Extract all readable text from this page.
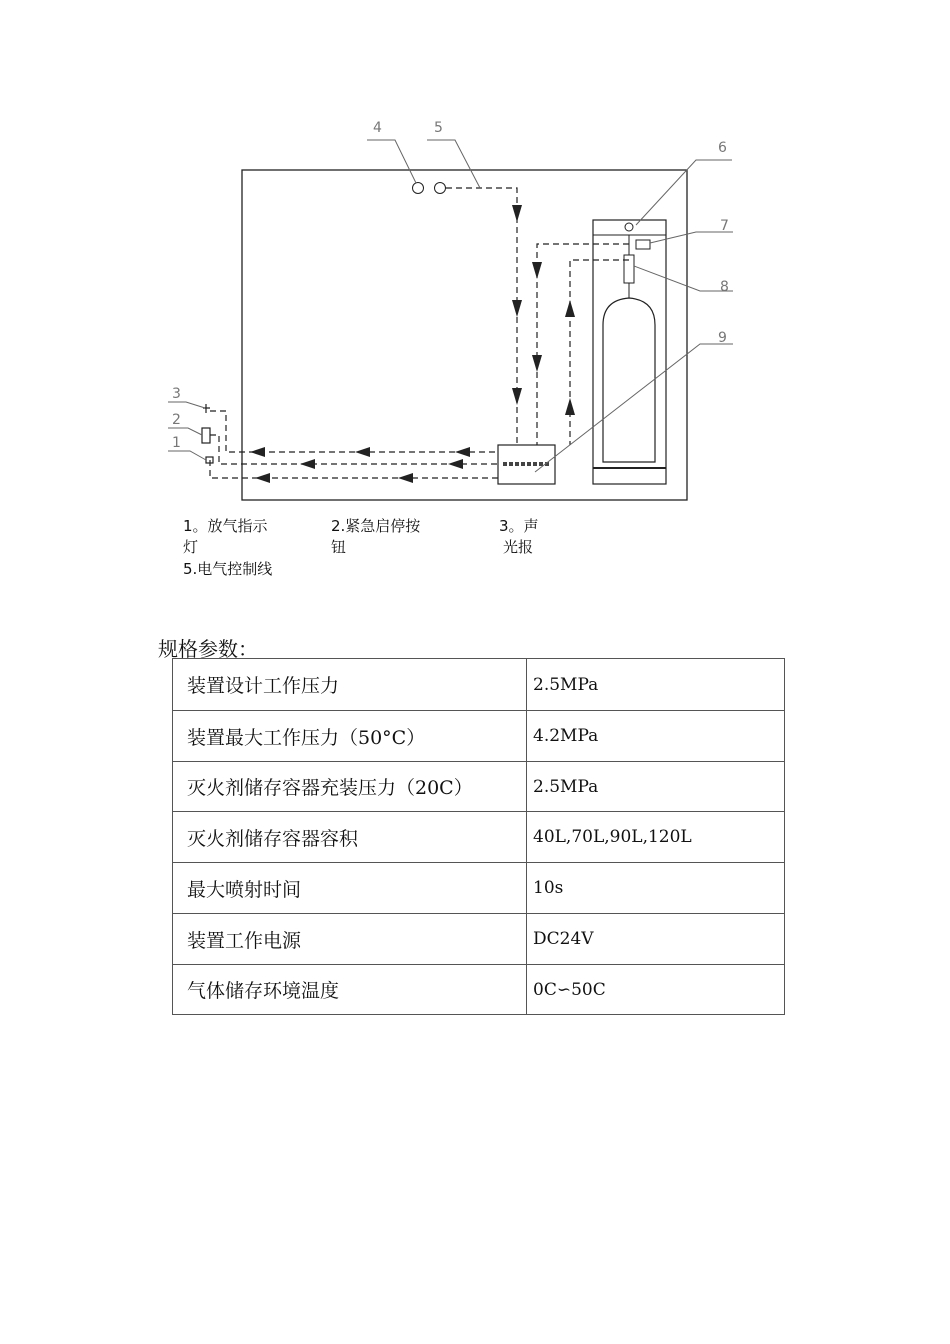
4	5
6
7
8
9
3
2
1
1。放气指示
灯
2.紧急启停按
钮
3。声
光报
5.电气控制线
规格参数：
装置设计工作压力	2.5MPa
装置最大工作压力（50°C）	4.2MPa
灭火剂储存容器充装压力（20C）	2.5MPa
灭火剂储存容器容积	40L,70L,90L,120L
最大喷射时间	10s
装置工作电源	DC24V
气体储存环境温度	0C∽50C
